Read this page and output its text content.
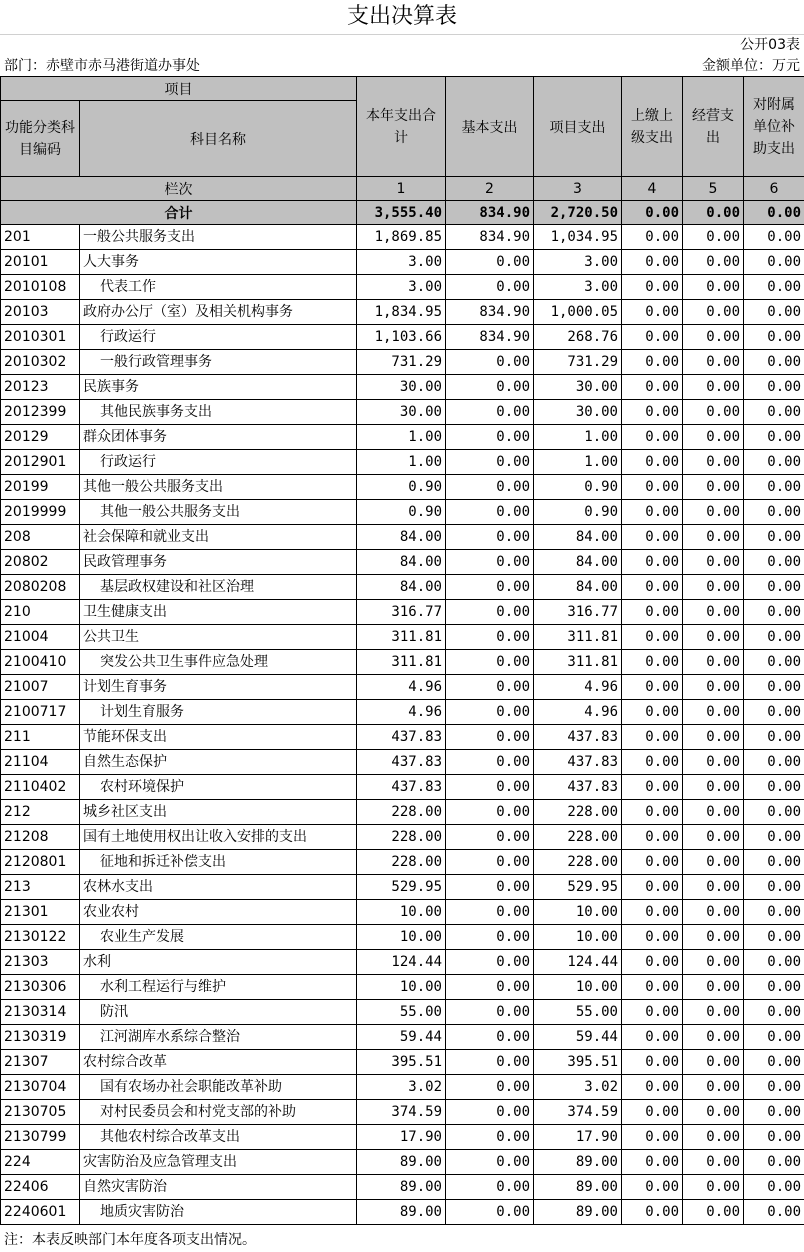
支出决算表
公开03表
部门：赤壁市赤马港街道办事处	金额单位：万元
项目		本年支出合计	基本支出	项目支出	上缴上级支出	经营支出	对附属单位补助支出
功能分类科目编码	科目名称						
栏次		1	2	3	4	5	6
合计		3,555.40	834.90	2,720.50	0.00	0.00	0.00
201	一般公共服务支出	1,869.85	834.90	1,034.95	0.00	0.00	0.00
20101	人大事务	3.00	0.00	3.00	0.00	0.00	0.00
2010108	代表工作	3.00	0.00	3.00	0.00	0.00	0.00
20103	政府办公厅（室）及相关机构事务	1,834.95	834.90	1,000.05	0.00	0.00	0.00
2010301	行政运行	1,103.66	834.90	268.76	0.00	0.00	0.00
2010302	一般行政管理事务	731.29	0.00	731.29	0.00	0.00	0.00
20123	民族事务	30.00	0.00	30.00	0.00	0.00	0.00
2012399	其他民族事务支出	30.00	0.00	30.00	0.00	0.00	0.00
20129	群众团体事务	1.00	0.00	1.00	0.00	0.00	0.00
2012901	行政运行	1.00	0.00	1.00	0.00	0.00	0.00
20199	其他一般公共服务支出	0.90	0.00	0.90	0.00	0.00	0.00
2019999	其他一般公共服务支出	0.90	0.00	0.90	0.00	0.00	0.00
208	社会保障和就业支出	84.00	0.00	84.00	0.00	0.00	0.00
20802	民政管理事务	84.00	0.00	84.00	0.00	0.00	0.00
2080208	基层政权建设和社区治理	84.00	0.00	84.00	0.00	0.00	0.00
210	卫生健康支出	316.77	0.00	316.77	0.00	0.00	0.00
21004	公共卫生	311.81	0.00	311.81	0.00	0.00	0.00
2100410	突发公共卫生事件应急处理	311.81	0.00	311.81	0.00	0.00	0.00
21007	计划生育事务	4.96	0.00	4.96	0.00	0.00	0.00
2100717	计划生育服务	4.96	0.00	4.96	0.00	0.00	0.00
211	节能环保支出	437.83	0.00	437.83	0.00	0.00	0.00
21104	自然生态保护	437.83	0.00	437.83	0.00	0.00	0.00
2110402	农村环境保护	437.83	0.00	437.83	0.00	0.00	0.00
212	城乡社区支出	228.00	0.00	228.00	0.00	0.00	0.00
21208	国有土地使用权出让收入安排的支出	228.00	0.00	228.00	0.00	0.00	0.00
2120801	征地和拆迁补偿支出	228.00	0.00	228.00	0.00	0.00	0.00
213	农林水支出	529.95	0.00	529.95	0.00	0.00	0.00
21301	农业农村	10.00	0.00	10.00	0.00	0.00	0.00
2130122	农业生产发展	10.00	0.00	10.00	0.00	0.00	0.00
21303	水利	124.44	0.00	124.44	0.00	0.00	0.00
2130306	水利工程运行与维护	10.00	0.00	10.00	0.00	0.00	0.00
2130314	防汛	55.00	0.00	55.00	0.00	0.00	0.00
2130319	江河湖库水系综合整治	59.44	0.00	59.44	0.00	0.00	0.00
21307	农村综合改革	395.51	0.00	395.51	0.00	0.00	0.00
2130704	国有农场办社会职能改革补助	3.02	0.00	3.02	0.00	0.00	0.00
2130705	对村民委员会和村党支部的补助	374.59	0.00	374.59	0.00	0.00	0.00
2130799	其他农村综合改革支出	17.90	0.00	17.90	0.00	0.00	0.00
224	灾害防治及应急管理支出	89.00	0.00	89.00	0.00	0.00	0.00
22406	自然灾害防治	89.00	0.00	89.00	0.00	0.00	0.00
2240601	地质灾害防治	89.00	0.00	89.00	0.00	0.00	0.00
注：本表反映部门本年度各项支出情况。
